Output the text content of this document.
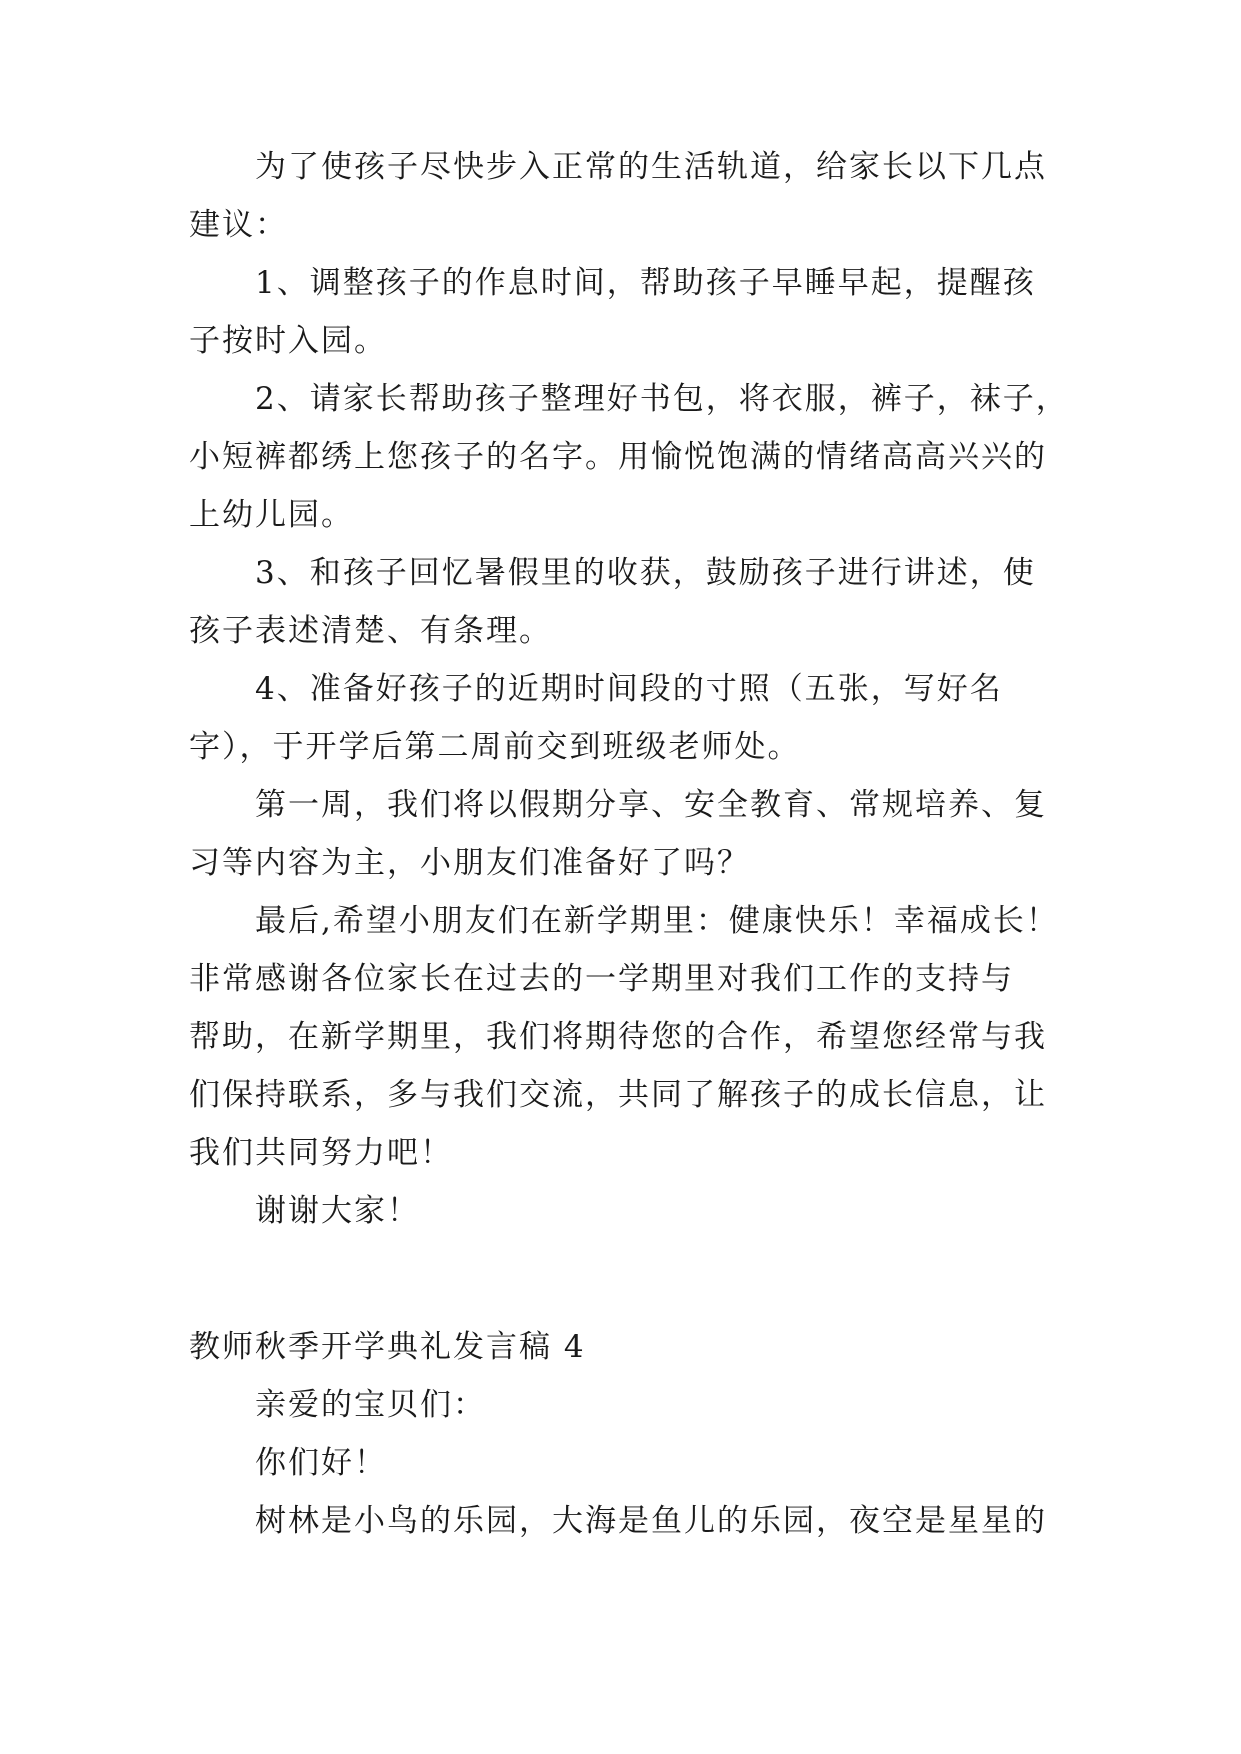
为了使孩子尽快步入正常的生活轨道，给家长以下几点
建议：
1、调整孩子的作息时间，帮助孩子早睡早起，提醒孩
子按时入园。
2、请家长帮助孩子整理好书包，将衣服，裤子，袜子，
小短裤都绣上您孩子的名字。用愉悦饱满的情绪高高兴兴的
上幼儿园。
3、和孩子回忆暑假里的收获，鼓励孩子进行讲述，使
孩子表述清楚、有条理。
4、准备好孩子的近期时间段的寸照（五张，写好名
字），于开学后第二周前交到班级老师处。
第一周，我们将以假期分享、安全教育、常规培养、复
习等内容为主，小朋友们准备好了吗？
最后,希望小朋友们在新学期里：健康快乐！幸福成长！
非常感谢各位家长在过去的一学期里对我们工作的支持与
帮助，在新学期里，我们将期待您的合作，希望您经常与我
们保持联系，多与我们交流，共同了解孩子的成长信息，让
我们共同努力吧！
谢谢大家！
教师秋季开学典礼发言稿 4
亲爱的宝贝们：
你们好！
树林是小鸟的乐园，大海是鱼儿的乐园，夜空是星星的
